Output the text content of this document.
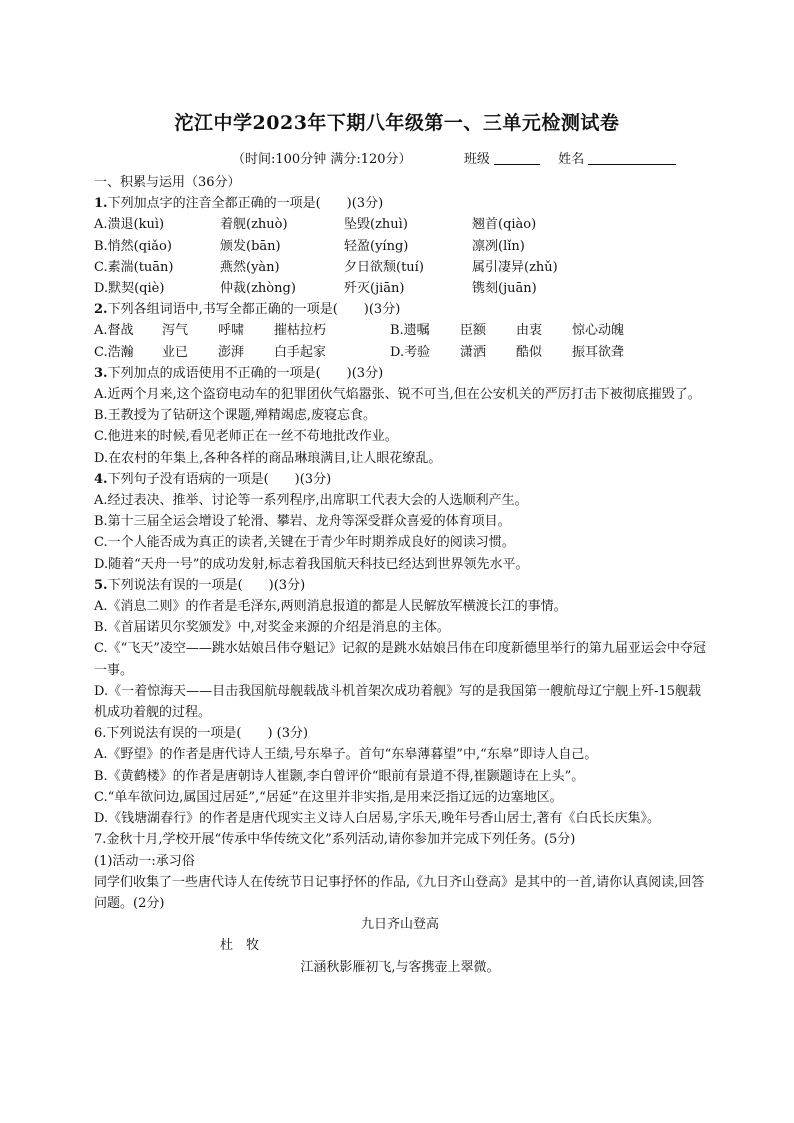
沱江中学2023年下期八年级第一、三单元检测试卷
（时间:100分钟 满分:120分）	班级	姓名
一、积累与运用（36分）
1.下列加点字的注音全都正确的一项是(　　)(3分)
A.溃退(kuì)	着舰(zhuò)	坠毁(zhuì)	翘首(qiào)
B.悄然(qiǎo)	颁发(bān)	轻盈(yíng)	凛冽(lǐn)
C.素湍(tuān)	燕然(yàn)	夕日欲颓(tuí)	属引凄异(zhǔ)
D.默契(qiè)	仲裁(zhòng)	歼灭(jiān)	镌刻(juān)
2.下列各组词语中,书写全都正确的一项是(　　)(3分)
A.督战	泻气	呼啸	摧枯拉朽	B.遗嘱	臣额	由衷	惊心动魄
C.浩瀚	业已	澎湃	白手起家	D.考验	潇洒	酷似	振耳欲聋
3.下列加点的成语使用不正确的一项是(　　)(3分)
A.近两个月来,这个盗窃电动车的犯罪团伙气焰嚣张、锐不可当,但在公安机关的严厉打击下被彻底摧毁了。
B.王教授为了钻研这个课题,殚精竭虑,废寝忘食。
C.他进来的时候,看见老师正在一丝不苟地批改作业。
D.在农村的年集上,各种各样的商品琳琅满目,让人眼花缭乱。
4.下列句子没有语病的一项是(　　)(3分)
A.经过表决、推举、讨论等一系列程序,出席职工代表大会的人选顺利产生。
B.第十三届全运会增设了轮滑、攀岩、龙舟等深受群众喜爱的体育项目。
C.一个人能否成为真正的读者,关键在于青少年时期养成良好的阅读习惯。
D.随着“天舟一号”的成功发射,标志着我国航天科技已经达到世界领先水平。
5.下列说法有误的一项是(　　)(3分)
A.《消息二则》的作者是毛泽东,两则消息报道的都是人民解放军横渡长江的事情。
B.《首届诺贝尔奖颁发》中,对奖金来源的介绍是消息的主体。
C.《“飞天”凌空——跳水姑娘吕伟夺魁记》记叙的是跳水姑娘吕伟在印度新德里举行的第九届亚运会中夺冠一事。
D.《一着惊海天——目击我国航母舰载战斗机首架次成功着舰》写的是我国第一艘航母辽宁舰上歼-15舰载机成功着舰的过程。
6.下列说法有误的一项是(　　) (3分)
A.《野望》的作者是唐代诗人王绩,号东皋子。首句“东皋薄暮望”中,“东皋”即诗人自己。
B.《黄鹤楼》的作者是唐朝诗人崔颢,李白曾评价“眼前有景道不得,崔颢题诗在上头”。
C.“单车欲问边,属国过居延”,“居延”在这里并非实指,是用来泛指辽远的边塞地区。
D.《钱塘湖春行》的作者是唐代现实主义诗人白居易,字乐天,晚年号香山居士,著有《白氏长庆集》。
7.金秋十月,学校开展“传承中华传统文化”系列活动,请你参加并完成下列任务。(5分)
(1)活动一:承习俗
同学们收集了一些唐代诗人在传统节日记事抒怀的作品,《九日齐山登高》是其中的一首,请你认真阅读,回答问题。(2分)
九日齐山登高
杜　牧
江涵秋影雁初飞,与客携壶上翠微。
